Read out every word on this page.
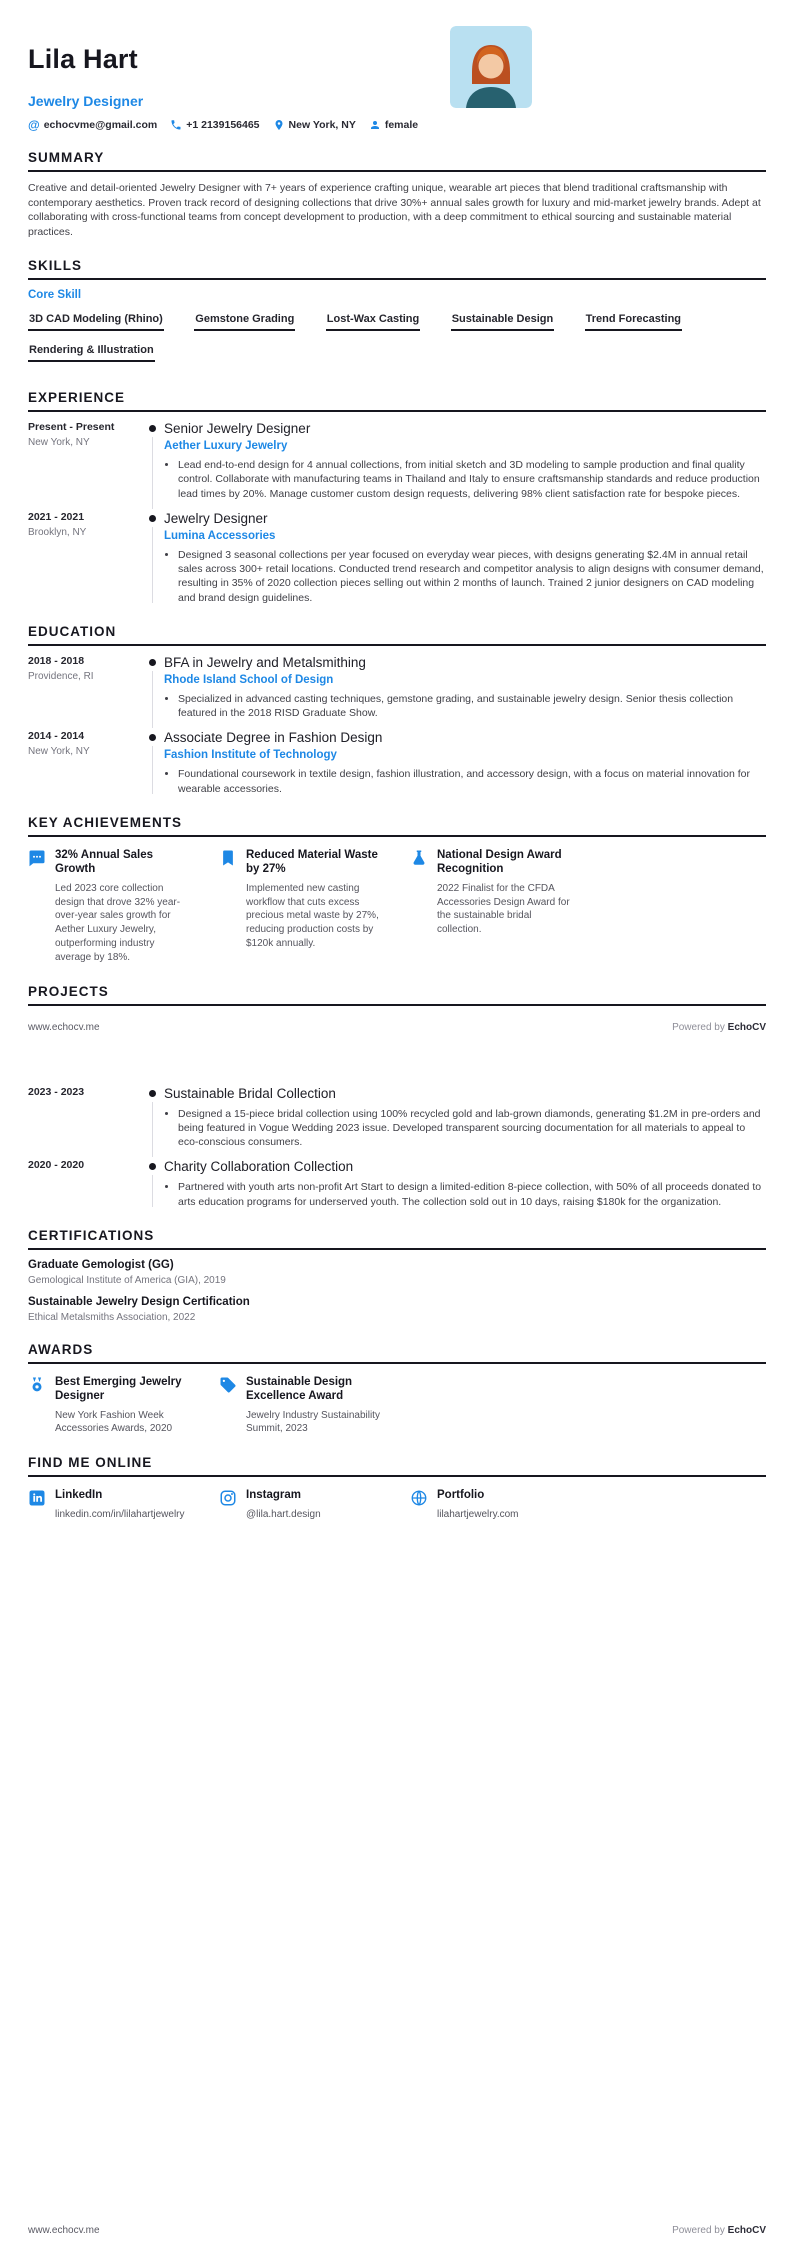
Lila Hart
Jewelry Designer
@ echocvme@gmail.com	+1 2139156465	New York, NY	female
SUMMARY

Creative and detail-oriented Jewelry Designer with 7+ years of experience crafting unique, wearable art pieces that blend traditional craftsmanship with contemporary aesthetics. Proven track record of designing collections that drive 30%+ annual sales growth for luxury and mid-market jewelry brands. Adept at collaborating with cross-functional teams from concept development to production, with a deep commitment to ethical sourcing and sustainable material practices.

SKILLS
Core Skill
3D CAD Modeling (Rhino)	Gemstone Grading	Lost-Wax Casting	Sustainable Design	Trend Forecasting Rendering & Illustration
EXPERIENCE
Present - Present
New York, NY
Senior Jewelry Designer
Aether Luxury Jewelry
• Lead end-to-end design for 4 annual collections, from initial sketch and 3D modeling to sample production and final quality control. Collaborate with manufacturing teams in Thailand and Italy to ensure craftsmanship standards and reduce production lead times by 20%. Manage customer custom design requests, delivering 98% client satisfaction rate for bespoke pieces.
2021 - 2021
Brooklyn, NY
Jewelry Designer
Lumina Accessories
• Designed 3 seasonal collections per year focused on everyday wear pieces, with designs generating $2.4M in annual retail sales across 300+ retail locations. Conducted trend research and competitor analysis to align designs with consumer demand, resulting in 35% of 2020 collection pieces selling out within 2 months of launch. Trained 2 junior designers on CAD modeling and brand design guidelines.
EDUCATION
2018 - 2018
Providence, RI
BFA in Jewelry and Metalsmithing
Rhode Island School of Design
• Specialized in advanced casting techniques, gemstone grading, and sustainable jewelry design. Senior thesis collection featured in the 2018 RISD Graduate Show.
2014 - 2014
New York, NY
Associate Degree in Fashion Design
Fashion Institute of Technology
• Foundational coursework in textile design, fashion illustration, and accessory design, with a focus on material innovation for wearable accessories.
KEY ACHIEVEMENTS
32% Annual Sales Growth
Led 2023 core collection design that drove 32% year-over-year sales growth for Aether Luxury Jewelry, outperforming industry average by 18%.
Reduced Material Waste by 27%
Implemented new casting workflow that cuts excess precious metal waste by 27%, reducing production costs by $120k annually.
National Design Award Recognition
2022 Finalist for the CFDA Accessories Design Award for the sustainable bridal collection.
PROJECTS
www.echocv.me	Powered by EchoCV
2023 - 2023	Sustainable Bridal Collection
• Designed a 15-piece bridal collection using 100% recycled gold and lab-grown diamonds, generating $1.2M in pre-orders and being featured in Vogue Wedding 2023 issue. Developed transparent sourcing documentation for all materials to appeal to eco-conscious consumers.
2020 - 2020	Charity Collaboration Collection
• Partnered with youth arts non-profit Art Start to design a limited-edition 8-piece collection, with 50% of all proceeds donated to arts education programs for underserved youth. The collection sold out in 10 days, raising $180k for the organization.
CERTIFICATIONS
Graduate Gemologist (GG)
Gemological Institute of America (GIA), 2019
Sustainable Jewelry Design Certification
Ethical Metalsmiths Association, 2022
AWARDS
Best Emerging Jewelry Designer
New York Fashion Week Accessories Awards, 2020
Sustainable Design Excellence Award
Jewelry Industry Sustainability Summit, 2023
FIND ME ONLINE
LinkedIn
linkedin.com/in/lilahartjewelry
Instagram
@lila.hart.design
Portfolio
lilahartjewelry.com
www.echocv.me	Powered by EchoCV
